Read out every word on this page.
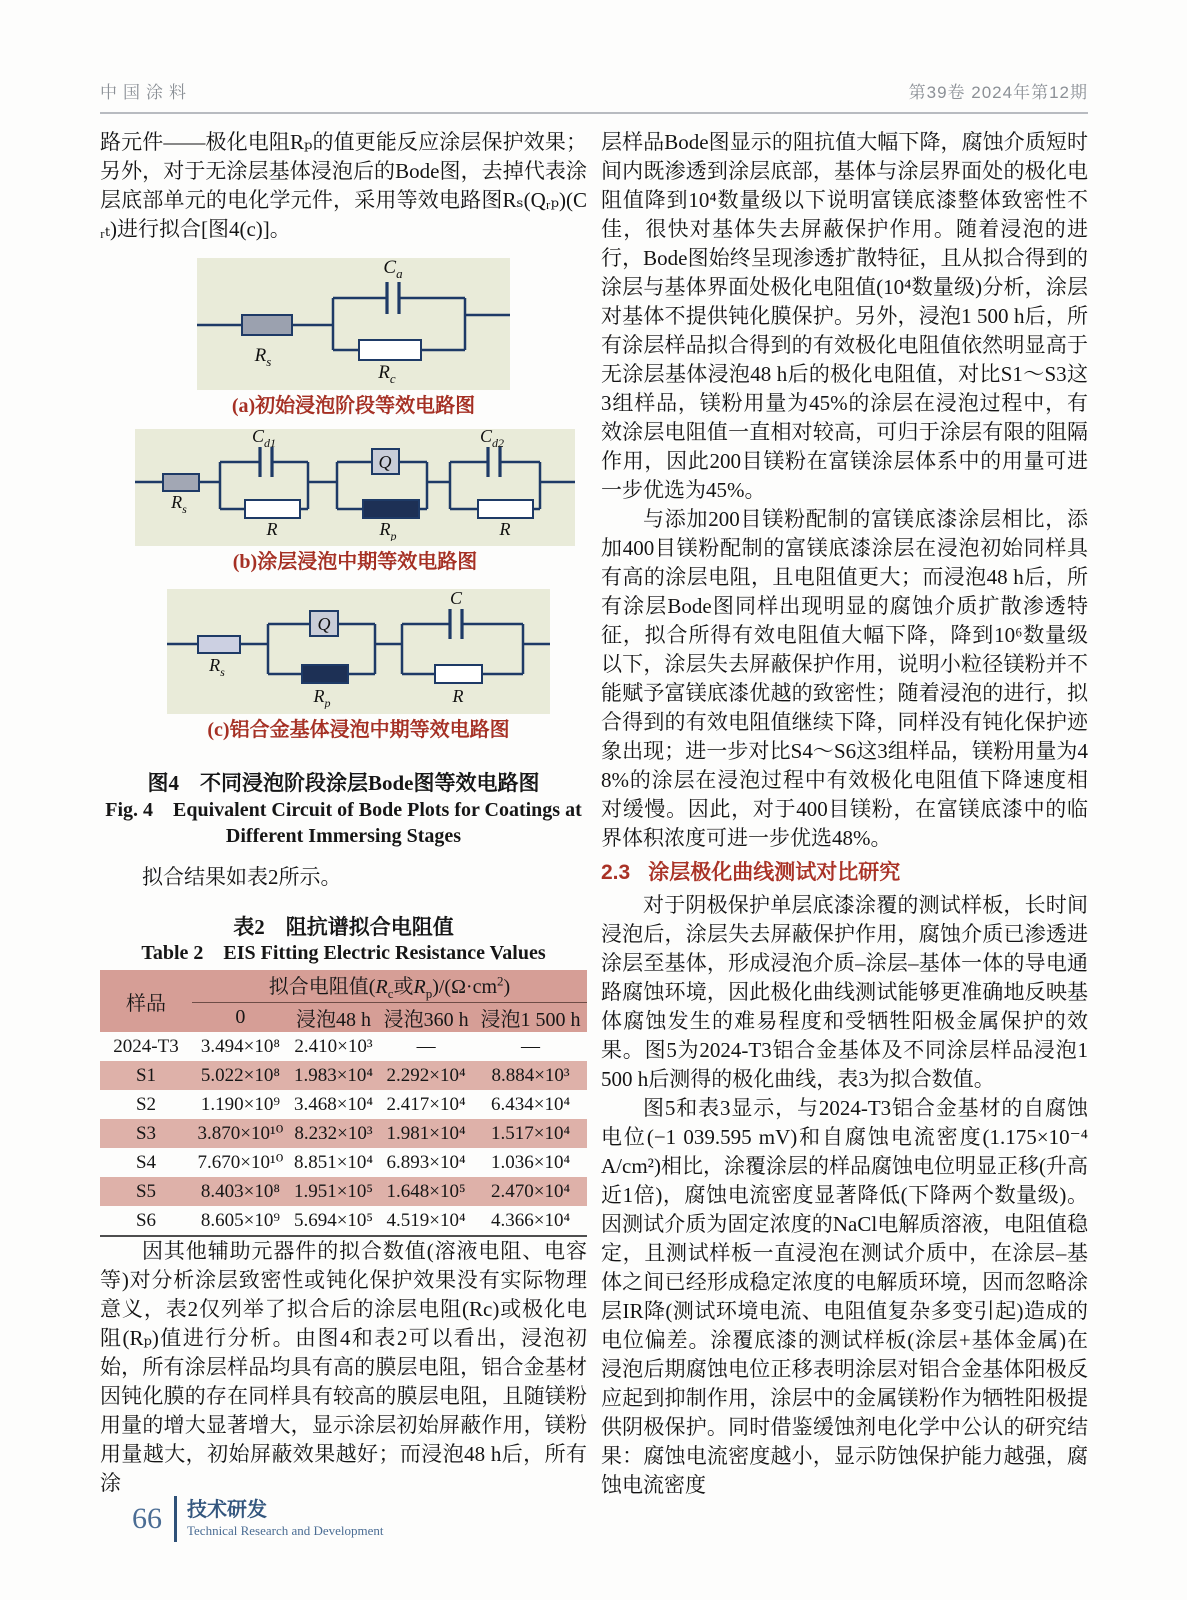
中国涂料	第39卷 2024年第12期

路元件——极化电阻Rₚ的值更能反应涂层保护效果；另外，对于无涂层基体浸泡后的Bode图，去掉代表涂层底部单元的电化学元件，采用等效电路图Rₛ(Qᵣₚ)(Cᵣₜ)进行拟合[图4(c)]。

$C_a$
$R_s$
$R_c$
(a)初始浸泡阶段等效电路图
$R_s$
$C_{d1}$
R
Q
$R_p$
$C_{d2}$
R
(b)涂层浸泡中期等效电路图
$R_s$
Q
$R_p$
C
R
(c)铝合金基体浸泡中期等效电路图
图4　不同浸泡阶段涂层Bode图等效电路图
Fig. 4　Equivalent Circuit of Bode Plots for Coatings at
Different Immersing Stages

拟合结果如表2所示。

表2　阻抗谱拟合电阻值
Table 2　EIS Fitting Electric Resistance Values
样品	拟合电阻值($R_c$或$R_p)/(\Omega\cdot cm^2)$			
	0	浸泡48 h	浸泡360 h	浸泡1 500 h
2024-T3	3.494×10⁸	2.410×10³	—	—
S1	5.022×10⁸	1.983×10⁴	2.292×10⁴	8.884×10³
S2	1.190×10⁹	3.468×10⁴	2.417×10⁴	6.434×10⁴
S3	3.870×10¹⁰	8.232×10³	1.981×10⁴	1.517×10⁴
S4	7.670×10¹⁰	8.851×10⁴	6.893×10⁴	1.036×10⁴
S5	8.403×10⁸	1.951×10⁵	1.648×10⁵	2.470×10⁴
S6	8.605×10⁹	5.694×10⁵	4.519×10⁴	4.366×10⁴

因其他辅助元器件的拟合数值(溶液电阻、电容等)对分析涂层致密性或钝化保护效果没有实际物理意义，表2仅列举了拟合后的涂层电阻(Rc)或极化电阻(Rₚ)值进行分析。由图4和表2可以看出，浸泡初始，所有涂层样品均具有高的膜层电阻，铝合金基材因钝化膜的存在同样具有较高的膜层电阻，且随镁粉用量的增大显著增大，显示涂层初始屏蔽作用，镁粉用量越大，初始屏蔽效果越好；而浸泡48 h后，所有涂

层样品Bode图显示的阻抗值大幅下降，腐蚀介质短时间内既渗透到涂层底部，基体与涂层界面处的极化电阻值降到10⁴数量级以下说明富镁底漆整体致密性不佳，很快对基体失去屏蔽保护作用。随着浸泡的进行，Bode图始终呈现渗透扩散特征，且从拟合得到的涂层与基体界面处极化电阻值(10⁴数量级)分析，涂层对基体不提供钝化膜保护。另外，浸泡1 500 h后，所有涂层样品拟合得到的有效极化电阻值依然明显高于无涂层基体浸泡48 h后的极化电阻值，对比S1～S3这3组样品，镁粉用量为45%的涂层在浸泡过程中，有效涂层电阻值一直相对较高，可归于涂层有限的阻隔作用，因此200目镁粉在富镁涂层体系中的用量可进一步优选为45%。

与添加200目镁粉配制的富镁底漆涂层相比，添加400目镁粉配制的富镁底漆涂层在浸泡初始同样具有高的涂层电阻，且电阻值更大；而浸泡48 h后，所有涂层Bode图同样出现明显的腐蚀介质扩散渗透特征，拟合所得有效电阻值大幅下降，降到10⁶数量级以下，涂层失去屏蔽保护作用，说明小粒径镁粉并不能赋予富镁底漆优越的致密性；随着浸泡的进行，拟合得到的有效电阻值继续下降，同样没有钝化保护迹象出现；进一步对比S4～S6这3组样品，镁粉用量为48%的涂层在浸泡过程中有效极化电阻值下降速度相对缓慢。因此，对于400目镁粉，在富镁底漆中的临界体积浓度可进一步优选48%。

2.3 涂层极化曲线测试对比研究

对于阴极保护单层底漆涂覆的测试样板，长时间浸泡后，涂层失去屏蔽保护作用，腐蚀介质已渗透进涂层至基体，形成浸泡介质–涂层–基体一体的导电通路腐蚀环境，因此极化曲线测试能够更准确地反映基体腐蚀发生的难易程度和受牺牲阳极金属保护的效果。图5为2024-T3铝合金基体及不同涂层样品浸泡1 500 h后测得的极化曲线，表3为拟合数值。

图5和表3显示，与2024-T3铝合金基材的自腐蚀电位(−1 039.595 mV)和自腐蚀电流密度(1.175×10⁻⁴ A/cm²)相比，涂覆涂层的样品腐蚀电位明显正移(升高近1倍)，腐蚀电流密度显著降低(下降两个数量级)。因测试介质为固定浓度的NaCl电解质溶液，电阻值稳定，且测试样板一直浸泡在测试介质中，在涂层–基体之间已经形成稳定浓度的电解质环境，因而忽略涂层IR降(测试环境电流、电阻值复杂多变引起)造成的电位偏差。涂覆底漆的测试样板(涂层+基体金属)在浸泡后期腐蚀电位正移表明涂层对铝合金基体阳极反应起到抑制作用，涂层中的金属镁粉作为牺牲阳极提供阴极保护。同时借鉴缓蚀剂电化学中公认的研究结果：腐蚀电流密度越小，显示防蚀保护能力越强，腐蚀电流密度

66 技术研发
Technical Research and Development
